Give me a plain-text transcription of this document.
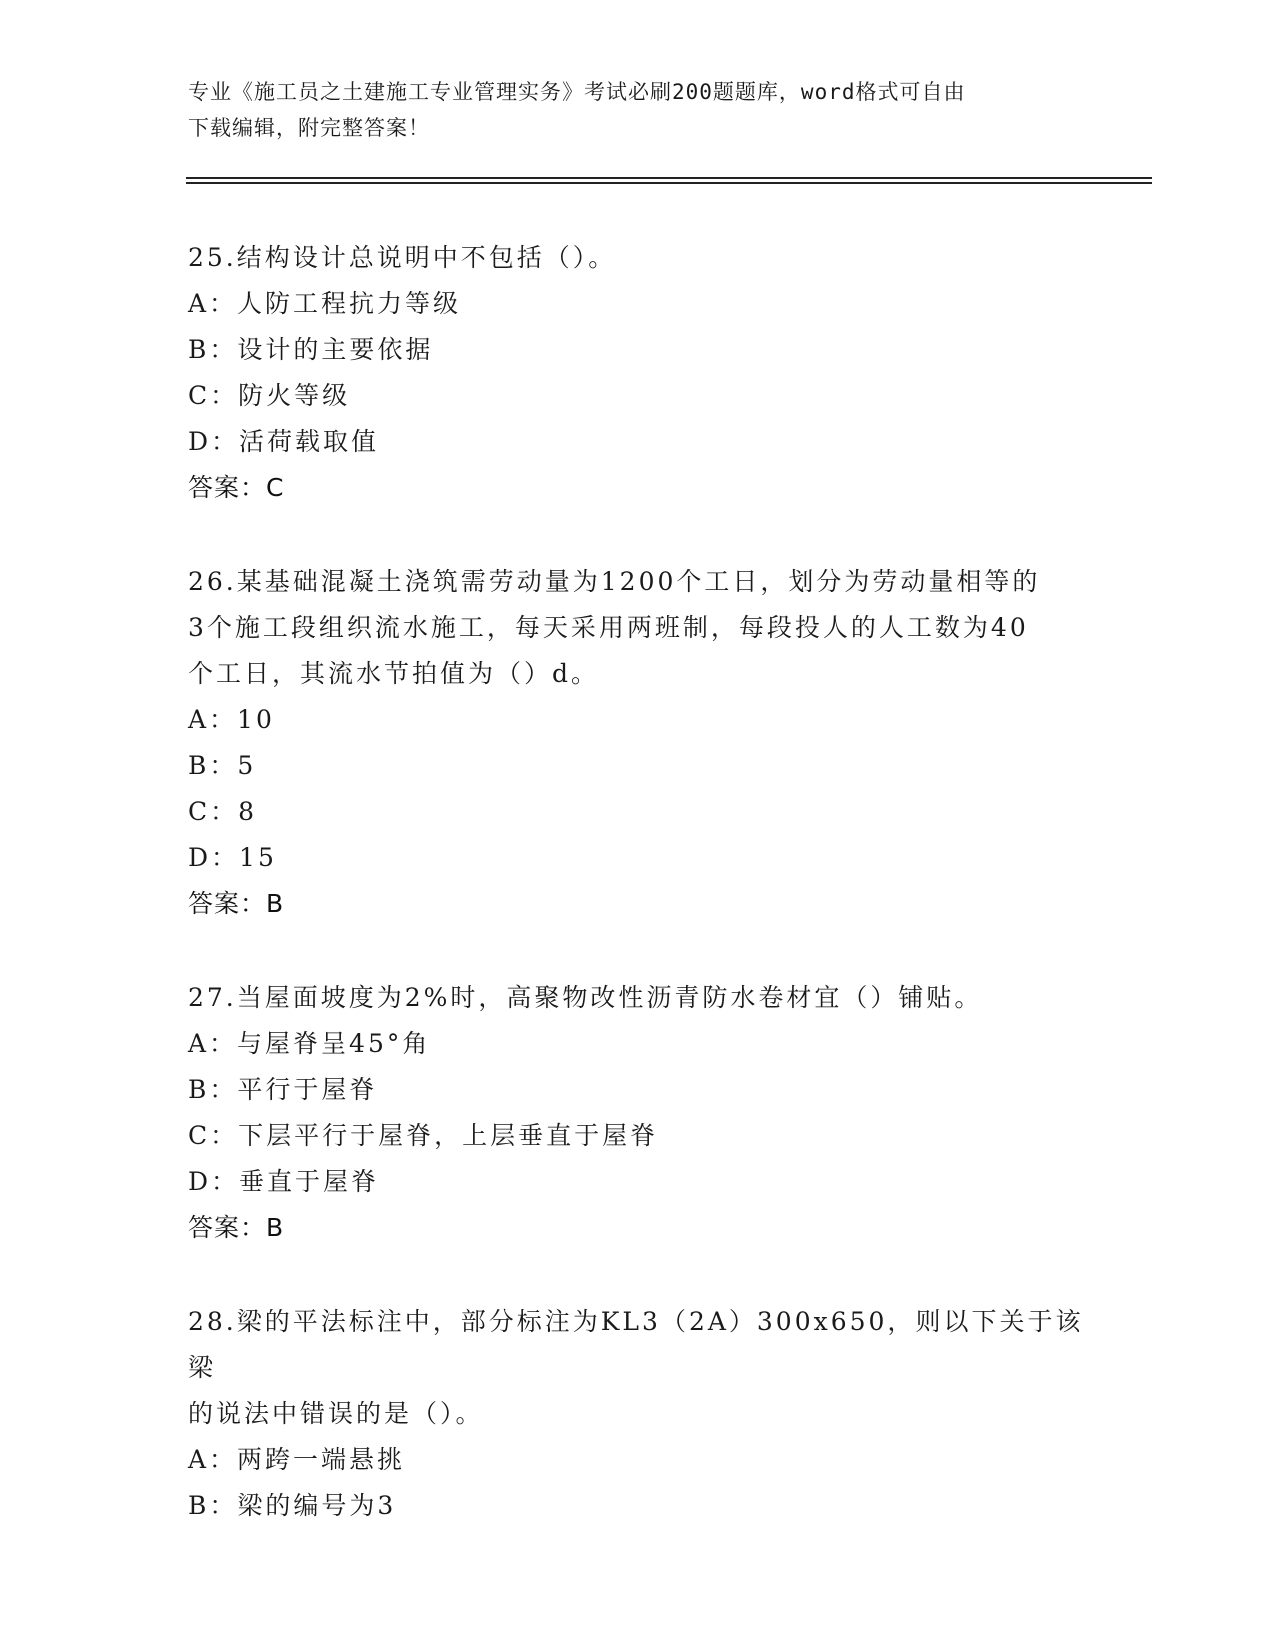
专业《施工员之土建施工专业管理实务》考试必刷200题题库，word格式可自由
下载编辑，附完整答案！
25.结构设计总说明中不包括（）。
A：人防工程抗力等级
B：设计的主要依据
C：防火等级
D：活荷载取值
答案：C
26.某基础混凝土浇筑需劳动量为1200个工日，划分为劳动量相等的
3个施工段组织流水施工，每天采用两班制，每段投人的人工数为40
个工日，其流水节拍值为（）d。
A：10
B：5
C：8
D：15
答案：B
27.当屋面坡度为2%时，高聚物改性沥青防水卷材宜（）铺贴。
A：与屋脊呈45°角
B：平行于屋脊
C：下层平行于屋脊，上层垂直于屋脊
D：垂直于屋脊
答案：B
28.梁的平法标注中，部分标注为KL3（2A）300x650，则以下关于该梁
的说法中错误的是（）。
A：两跨一端悬挑
B：梁的编号为3
